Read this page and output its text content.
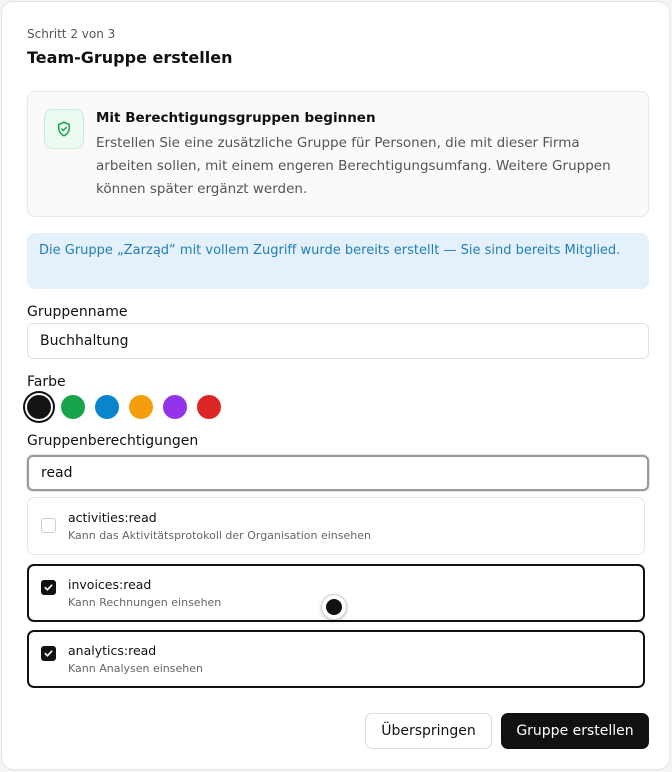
Schritt 2 von 3
Team-Gruppe erstellen
Mit Berechtigungsgruppen beginnen
Erstellen Sie eine zusätzliche Gruppe für Personen, die mit dieser Firma arbeiten sollen, mit einem engeren Berechtigungsumfang. Weitere Gruppen können später ergänzt werden.
Die Gruppe „Zarząd“ mit vollem Zugriff wurde bereits erstellt — Sie sind bereits Mitglied.
Gruppenname
Buchhaltung
Farbe
Gruppenberechtigungen
read
activities:read
Kann das Aktivitätsprotokoll der Organisation einsehen
invoices:read
Kann Rechnungen einsehen
analytics:read
Kann Analysen einsehen
Überspringen	Gruppe erstellen
